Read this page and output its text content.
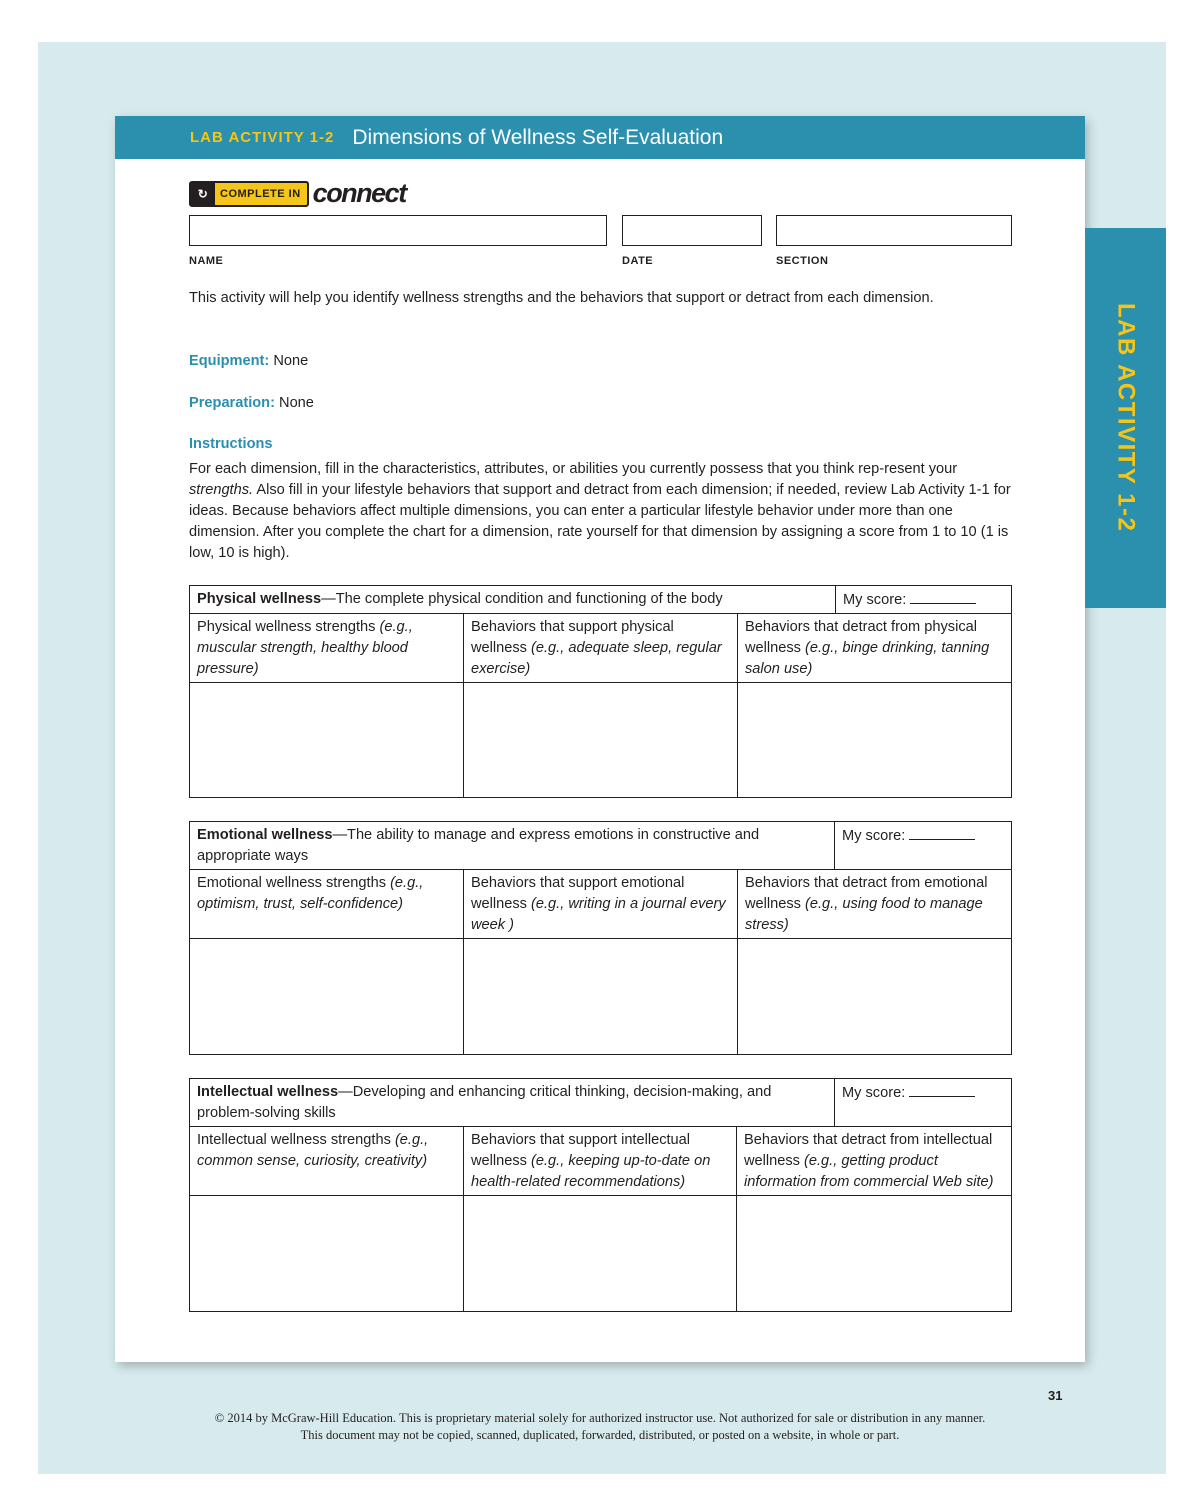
LAB ACTIVITY 1-2 Dimensions of Wellness Self-Evaluation
↻	COMPLETE IN connect
NAME	DATE	SECTION
This activity will help you identify wellness strengths and the behaviors that support or detract from each dimension.
Equipment: None
Preparation: None
Instructions
For each dimension, fill in the characteristics, attributes, or abilities you currently possess that you think rep-resent your strengths. Also fill in your lifestyle behaviors that support and detract from each dimension; if needed, review Lab Activity 1-1 for ideas. Because behaviors affect multiple dimensions, you can enter a particular lifestyle behavior under more than one dimension. After you complete the chart for a dimension, rate yourself for that dimension by assigning a score from 1 to 10 (1 is low, 10 is high).
Physical wellness—The complete physical condition and functioning of the body			My score:
Physical wellness strengths (e.g., muscular strength, healthy blood pressure)	Behaviors that support physical wellness (e.g., adequate sleep, regular exercise)	Behaviors that detract from physical wellness (e.g., binge drinking, tanning salon use)	

Emotional wellness—The ability to manage and express emotions in constructive and appropriate ways			My score:
Emotional wellness strengths (e.g., optimism, trust, self-confidence)	Behaviors that support emotional wellness (e.g., writing in a journal every week )	Behaviors that detract from emotional wellness (e.g., using food to manage stress)	

Intellectual wellness—Developing and enhancing critical thinking, decision-making, and problem-solving skills			My score:
Intellectual wellness strengths (e.g., common sense, curiosity, creativity)	Behaviors that support intellectual wellness (e.g., keeping up-to-date on health-related recommendations)	Behaviors that detract from intellectual wellness (e.g., getting product information from commercial Web site)	

LAB ACTIVITY 1-2
31
© 2014 by McGraw-Hill Education. This is proprietary material solely for authorized instructor use. Not authorized for sale or distribution in any manner.
This document may not be copied, scanned, duplicated, forwarded, distributed, or posted on a website, in whole or part.
